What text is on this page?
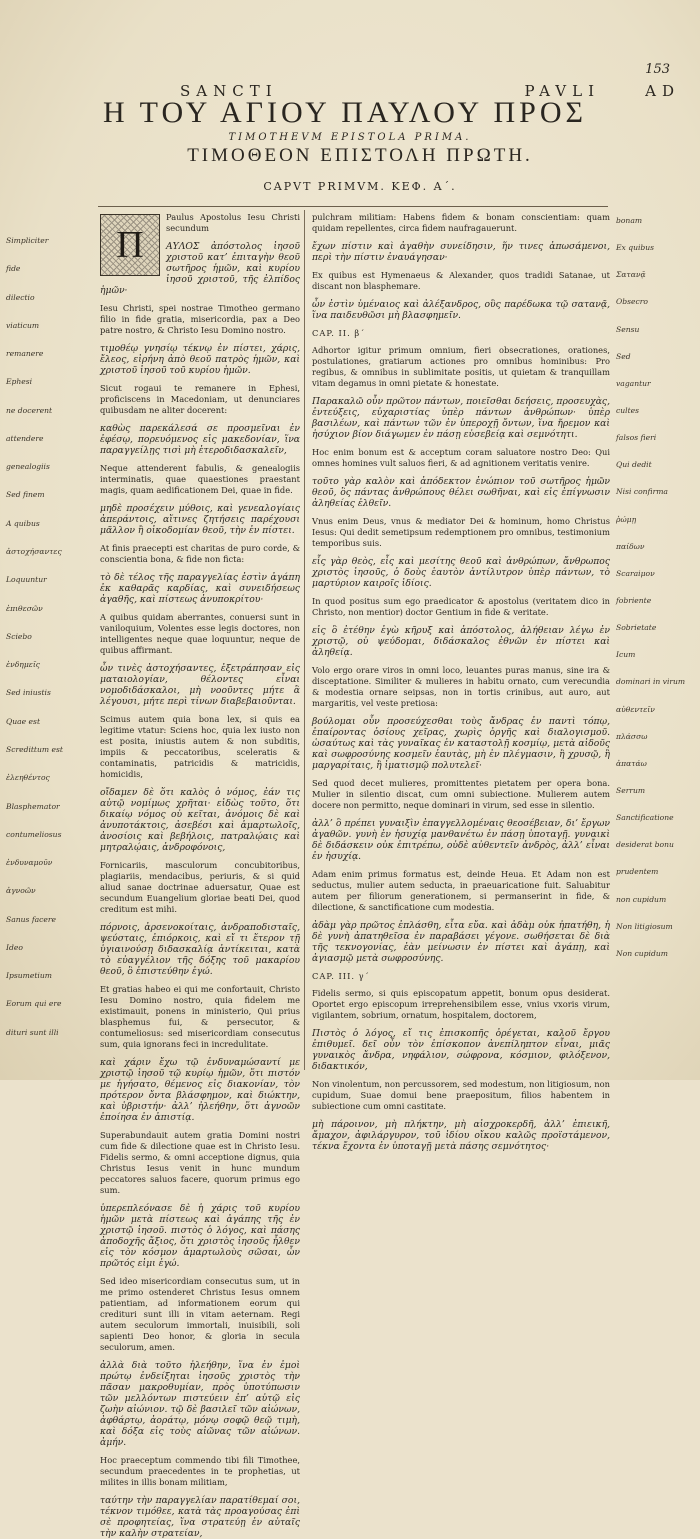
153
SANCTI	PAVLI	AD
Η ΤΟΥ ΑΓΙΟΥ ΠΑΥΛΟΥ ΠΡΟΣ
TIMOTHEVM EPISTOLA PRIMA.
ΤΙΜΟΘΕΟΝ ΕΠΙΣΤΟΛΗ ΠΡΩΤΗ.
CAPVT PRIMVM. ΚΕΦ. Α΄.
Simpliciter
fide
dilectio
viaticum
remanere
Ephesi
ne docerent
attendere
genealogiis
Sed finem
A quibus
ἀστοχήσαντες
Loquuntur
ἐπιθεσῶν
Sciebo
ἐνδημεῖς
Sed iniustis
Quae est
Scredittum est
ἐλεηθέντος
Blasphemator
contumeliosus
ἐνδυναμοῦν
ἀγνοῶν
Sanus facere
Ideo
Ipsumetium
Eorum qui ere
dituri sunt illi
Π

Paulus Apostolus Iesu Christi secundum

ΑΥΛΟΣ ἀπόστολος ἰησοῦ χριστοῦ κατ’ ἐπιταγὴν θεοῦ σωτῆρος ἡμῶν, καὶ κυρίου ἰησοῦ χριστοῦ, τῆς ἐλπίδος ἡμῶν·

Iesu Christi, spei nostrae Timotheo germano filio in fide gratia, misericordia, pax a Deo patre nostro, & Christo Iesu Domino nostro.

τιμοθέῳ γνησίῳ τέκνῳ ἐν πίστει, χάρις, ἔλεος, εἰρήνη ἀπὸ θεοῦ πατρὸς ἡμῶν, καὶ χριστοῦ ἰησοῦ τοῦ κυρίου ἡμῶν.

Sicut rogaui te remanere in Ephesi, proficiscens in Macedoniam, ut denunciares quibusdam ne aliter docerent:

καθὼς παρεκάλεσά σε προσμεῖναι ἐν ἐφέσῳ, πορευόμενος εἰς μακεδονίαν, ἵνα παραγγείλῃς τισὶ μὴ ἑτεροδιδασκαλεῖν,

Neque attenderent fabulis, & genealogiis interminatis, quae quaestiones praestant magis, quam aedificationem Dei, quae in fide.

μηδὲ προσέχειν μύθοις, καὶ γενεαλογίαις ἀπεράντοις, αἵτινες ζητήσεις παρέχουσι μᾶλλον ἢ οἰκοδομίαν θεοῦ, τὴν ἐν πίστει.

At finis praecepti est charitas de puro corde, & conscientia bona, & fide non ficta:

τὸ δὲ τέλος τῆς παραγγελίας ἐστὶν ἀγάπη ἐκ καθαρᾶς καρδίας, καὶ συνειδήσεως ἀγαθῆς, καὶ πίστεως ἀνυποκρίτου·

A quibus quidam aberrantes, conuersi sunt in vaniloquium, Volentes esse legis doctores, non intelligentes neque quae loquuntur, neque de quibus affirmant.

ὧν τινὲς ἀστοχήσαντες, ἐξετράπησαν εἰς ματαιολογίαν, θέλοντες εἶναι νομοδιδάσκαλοι, μὴ νοοῦντες μήτε ἃ λέγουσι, μήτε περὶ τίνων διαβεβαιοῦνται.

Scimus autem quia bona lex, si quis ea legitime vtatur: Sciens hoc, quia lex iusto non est posita, iniustis autem & non subditis, impiis & peccatoribus, sceleratis & contaminatis, patricidis & matricidis, homicidis,

οἴδαμεν δὲ ὅτι καλὸς ὁ νόμος, ἐάν τις αὐτῷ νομίμως χρῆται· εἰδὼς τοῦτο, ὅτι δικαίῳ νόμος οὐ κεῖται, ἀνόμοις δὲ καὶ ἀνυποτάκτοις, ἀσεβέσι καὶ ἁμαρτωλοῖς, ἀνοσίοις καὶ βεβήλοις, πατραλῴαις καὶ μητραλῴαις, ἀνδροφόνοις,

Fornicariis, masculorum concubitoribus, plagiariis, mendacibus, periuris, & si quid aliud sanae doctrinae aduersatur, Quae est secundum Euangelium gloriae beati Dei, quod creditum est mihi.

πόρνοις, ἀρσενοκοίταις, ἀνδραποδισταῖς, ψεύσταις, ἐπιόρκοις, καὶ εἴ τι ἕτερον τῇ ὑγιαινούσῃ διδασκαλίᾳ ἀντίκειται, κατὰ τὸ εὐαγγέλιον τῆς δόξης τοῦ μακαρίου θεοῦ, ὃ ἐπιστεύθην ἐγώ.

Et gratias habeo ei qui me confortauit, Christo Iesu Domino nostro, quia fidelem me existimauit, ponens in ministerio, Qui prius blasphemus fui, & persecutor, & contumeliosus: sed misericordiam consecutus sum, quia ignorans feci in incredulitate.

καὶ χάριν ἔχω τῷ ἐνδυναμώσαντί με χριστῷ ἰησοῦ τῷ κυρίῳ ἡμῶν, ὅτι πιστόν με ἡγήσατο, θέμενος εἰς διακονίαν, τὸν πρότερον ὄντα βλάσφημον, καὶ διώκτην, καὶ ὑβριστήν· ἀλλ’ ἠλεήθην, ὅτι ἀγνοῶν ἐποίησα ἐν ἀπιστίᾳ.

Superabundauit autem gratia Domini nostri cum fide & dilectione quae est in Christo Iesu. Fidelis sermo, & omni acceptione dignus, quia Christus Iesus venit in hunc mundum peccatores saluos facere, quorum primus ego sum.

ὑπερεπλεόνασε δὲ ἡ χάρις τοῦ κυρίου ἡμῶν μετὰ πίστεως καὶ ἀγάπης τῆς ἐν χριστῷ ἰησοῦ. πιστὸς ὁ λόγος, καὶ πάσης ἀποδοχῆς ἄξιος, ὅτι χριστὸς ἰησοῦς ἦλθεν εἰς τὸν κόσμον ἁμαρτωλοὺς σῶσαι, ὧν πρῶτός εἰμι ἐγώ.

Sed ideo misericordiam consecutus sum, ut in me primo ostenderet Christus Iesus omnem patientiam, ad informationem eorum qui credituri sunt illi in vitam aeternam. Regi autem seculorum immortali, inuisibili, soli sapienti Deo honor, & gloria in secula seculorum, amen.

ἀλλὰ διὰ τοῦτο ἠλεήθην, ἵνα ἐν ἐμοὶ πρώτῳ ἐνδείξηται ἰησοῦς χριστὸς τὴν πᾶσαν μακροθυμίαν, πρὸς ὑποτύπωσιν τῶν μελλόντων πιστεύειν ἐπ’ αὐτῷ εἰς ζωὴν αἰώνιον. τῷ δὲ βασιλεῖ τῶν αἰώνων, ἀφθάρτῳ, ἀοράτῳ, μόνῳ σοφῷ θεῷ τιμὴ, καὶ δόξα εἰς τοὺς αἰῶνας τῶν αἰώνων. ἀμήν.

Hoc praeceptum commendo tibi fili Timothee, secundum praecedentes in te prophetias, ut milites in illis bonam militiam,

ταύτην τὴν παραγγελίαν παρατίθεμαί σοι, τέκνον τιμόθεε, κατὰ τὰς προαγούσας ἐπὶ σὲ προφητείας, ἵνα στρατεύῃ ἐν αὐταῖς τὴν καλὴν στρατείαν,

pulchram militiam: Habens fidem & bonam conscientiam: quam quidam repellentes, circa fidem naufragauerunt.

ἔχων πίστιν καὶ ἀγαθὴν συνείδησιν, ἥν τινες ἀπωσάμενοι, περὶ τὴν πίστιν ἐναυάγησαν·

Ex quibus est Hymenaeus & Alexander, quos tradidi Satanae, ut discant non blasphemare.

ὧν ἐστὶν ὑμέναιος καὶ ἀλέξανδρος, οὓς παρέδωκα τῷ σατανᾷ, ἵνα παιδευθῶσι μὴ βλασφημεῖν.

CAP. II. β΄

Adhortor igitur primum omnium, fieri obsecrationes, orationes, postulationes, gratiarum actiones pro omnibus hominibus: Pro regibus, & omnibus in sublimitate positis, ut quietam & tranquillam vitam degamus in omni pietate & honestate.

Παρακαλῶ οὖν πρῶτον πάντων, ποιεῖσθαι δεήσεις, προσευχὰς, ἐντεύξεις, εὐχαριστίας ὑπὲρ πάντων ἀνθρώπων· ὑπὲρ βασιλέων, καὶ πάντων τῶν ἐν ὑπεροχῇ ὄντων, ἵνα ἤρεμον καὶ ἡσύχιον βίον διάγωμεν ἐν πάσῃ εὐσεβείᾳ καὶ σεμνότητι.

Hoc enim bonum est & acceptum coram saluatore nostro Deo: Qui omnes homines vult saluos fieri, & ad agnitionem veritatis venire.

τοῦτο γὰρ καλὸν καὶ ἀπόδεκτον ἐνώπιον τοῦ σωτῆρος ἡμῶν θεοῦ, ὃς πάντας ἀνθρώπους θέλει σωθῆναι, καὶ εἰς ἐπίγνωσιν ἀληθείας ἐλθεῖν.

Vnus enim Deus, vnus & mediator Dei & hominum, homo Christus Iesus: Qui dedit semetipsum redemptionem pro omnibus, testimonium temporibus suis.

εἷς γὰρ θεὸς, εἷς καὶ μεσίτης θεοῦ καὶ ἀνθρώπων, ἄνθρωπος χριστὸς ἰησοῦς, ὁ δοὺς ἑαυτὸν ἀντίλυτρον ὑπὲρ πάντων, τὸ μαρτύριον καιροῖς ἰδίοις.

In quod positus sum ego praedicator & apostolus (veritatem dico in Christo, non mentior) doctor Gentium in fide & veritate.

εἰς ὃ ἐτέθην ἐγὼ κῆρυξ καὶ ἀπόστολος, ἀλήθειαν λέγω ἐν χριστῷ, οὐ ψεύδομαι, διδάσκαλος ἐθνῶν ἐν πίστει καὶ ἀληθείᾳ.

Volo ergo orare viros in omni loco, leuantes puras manus, sine ira & disceptatione. Similiter & mulieres in habitu ornato, cum verecundia & modestia ornare seipsas, non in tortis crinibus, aut auro, aut margaritis, vel veste pretiosa:

βούλομαι οὖν προσεύχεσθαι τοὺς ἄνδρας ἐν παντὶ τόπῳ, ἐπαίροντας ὁσίους χεῖρας, χωρὶς ὀργῆς καὶ διαλογισμοῦ. ὡσαύτως καὶ τὰς γυναῖκας ἐν καταστολῇ κοσμίῳ, μετὰ αἰδοῦς καὶ σωφροσύνης κοσμεῖν ἑαυτὰς, μὴ ἐν πλέγμασιν, ἢ χρυσῷ, ἢ μαργαρίταις, ἢ ἱματισμῷ πολυτελεῖ·

Sed quod decet mulieres, promittentes pietatem per opera bona. Mulier in silentio discat, cum omni subiectione. Mulierem autem docere non permitto, neque dominari in virum, sed esse in silentio.

ἀλλ’ ὃ πρέπει γυναιξὶν ἐπαγγελλομέναις θεοσέβειαν, δι’ ἔργων ἀγαθῶν. γυνὴ ἐν ἡσυχίᾳ μανθανέτω ἐν πάσῃ ὑποταγῇ. γυναικὶ δὲ διδάσκειν οὐκ ἐπιτρέπω, οὐδὲ αὐθεντεῖν ἀνδρὸς, ἀλλ’ εἶναι ἐν ἡσυχίᾳ.

Adam enim primus formatus est, deinde Heua. Et Adam non est seductus, mulier autem seducta, in praeuaricatione fuit. Saluabitur autem per filiorum generationem, si permanserint in fide, & dilectione, & sanctificatione cum modestia.

ἀδὰμ γὰρ πρῶτος ἐπλάσθη, εἶτα εὔα. καὶ ἀδὰμ οὐκ ἠπατήθη, ἡ δὲ γυνὴ ἀπατηθεῖσα ἐν παραβάσει γέγονε. σωθήσεται δὲ διὰ τῆς τεκνογονίας, ἐὰν μείνωσιν ἐν πίστει καὶ ἀγάπῃ, καὶ ἁγιασμῷ μετὰ σωφροσύνης.

CAP. III. γ΄

Fidelis sermo, si quis episcopatum appetit, bonum opus desiderat. Oportet ergo episcopum irreprehensibilem esse, vnius vxoris virum, vigilantem, sobrium, ornatum, hospitalem, doctorem,

Πιστὸς ὁ λόγος, εἴ τις ἐπισκοπῆς ὀρέγεται, καλοῦ ἔργου ἐπιθυμεῖ. δεῖ οὖν τὸν ἐπίσκοπον ἀνεπίληπτον εἶναι, μιᾶς γυναικὸς ἄνδρα, νηφάλιον, σώφρονα, κόσμιον, φιλόξενον, διδακτικόν,

Non vinolentum, non percussorem, sed modestum, non litigiosum, non cupidum, Suae domui bene praepositum, filios habentem in subiectione cum omni castitate.

μὴ πάροινον, μὴ πλήκτην, μὴ αἰσχροκερδῆ, ἀλλ’ ἐπιεικῆ, ἄμαχον, ἀφιλάργυρον, τοῦ ἰδίου οἴκου καλῶς προϊστάμενον, τέκνα ἔχοντα ἐν ὑποταγῇ μετὰ πάσης σεμνότητος·

bonam
Ex quibus
Σατανᾷ
Obsecro
Sensu
Sed
vagantur
cultes
falsos fieri
Qui dedit
Nisi confirma
ῥώμῃ
παίδων
Scaraiμον
fobriente
Sobrietate
Icum
dominari in virum
αὐθεντεῖν
πλάσσω
ἀπατάω
Serrum
Sanctificatione
desiderat bonu
prudentem
non cupidum
Non litigiosum
Non cupidum
